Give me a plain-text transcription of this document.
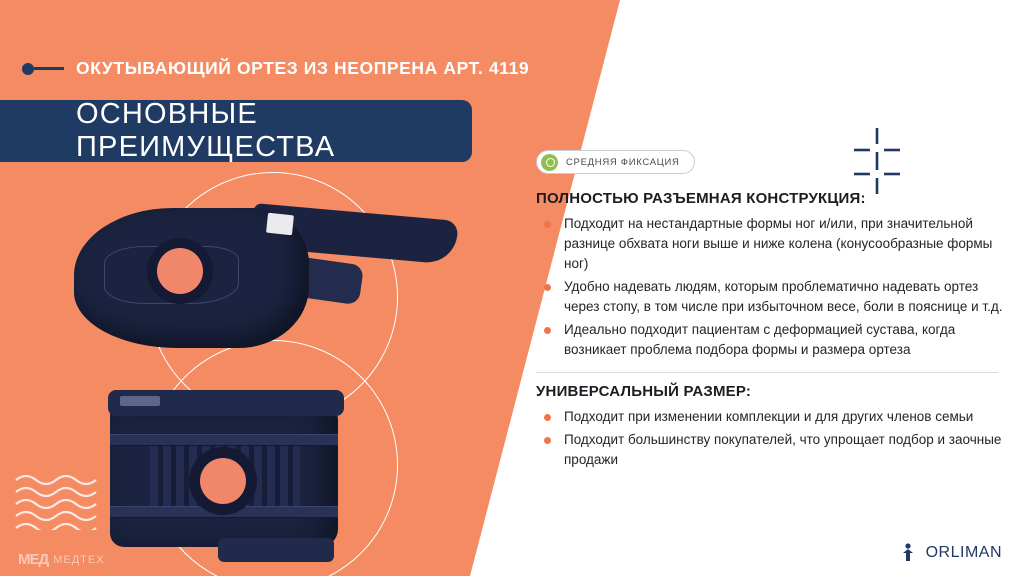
ОКУТЫВАЮЩИЙ ОРТЕЗ ИЗ НЕОПРЕНА АРТ. 4119
ОСНОВНЫЕ ПРЕИМУЩЕСТВА	СРЕДНЯЯ ФИКСАЦИЯ
ПОЛНОСТЬЮ РАЗЪЕМНАЯ КОНСТРУКЦИЯ:
Подходит на нестандартные формы ног и/или, при значительной разнице обхвата ноги выше и ниже колена (конусообразные формы ног)
Удобно надевать людям, которым проблематично надевать ортез через стопу, в том числе при избыточном весе, боли в пояснице и т.д.
Идеально подходит пациентам с деформацией сустава, когда возникает проблема подбора формы и размера ортеза
УНИВЕРСАЛЬНЫЙ РАЗМЕР:
Подходит при изменении комплекции и для других членов семьи
Подходит большинству покупателей, что упрощает подбор и заочные продажи
МЕД МЕДТЕХ	ORLIMAN
